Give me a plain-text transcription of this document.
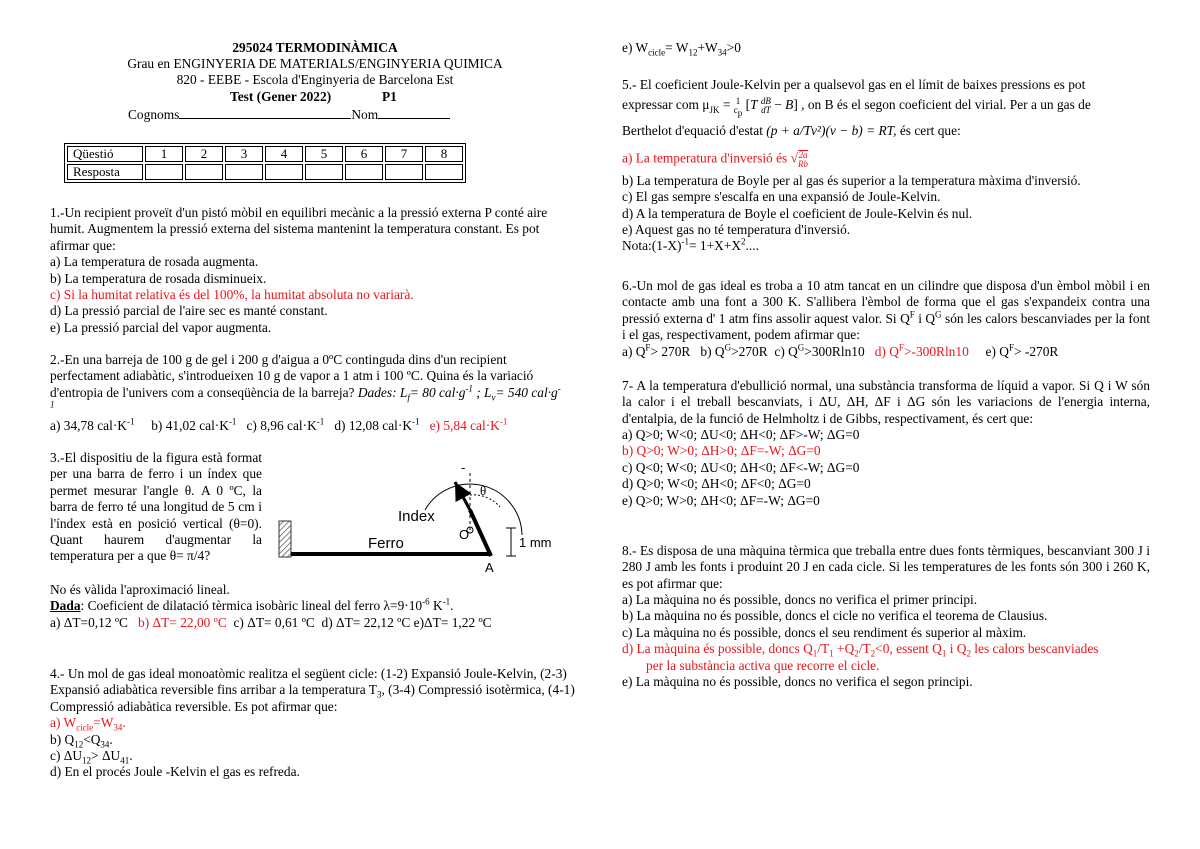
295024 TERMODINÀMICA
Grau en ENGINYERIA DE MATERIALS/ENGINYERIA QUIMICA
820 - EEBE - Escola d'Enginyeria de Barcelona Est
Test (Gener 2022)	P1
Cognoms	Nom
Qüestió	1	2	3	4	5	6	7	8
Resposta								

1.-Un recipient proveït d'un pistó mòbil en equilibri mecànic a la pressió externa P conté aire humit. Augmentem la pressió externa del sistema mantenint la temperatura constant. Es pot afirmar que:

a) La temperatura de rosada augmenta.

b) La temperatura de rosada disminueix.

c) Si la humitat relativa és del 100%, la humitat absoluta no variarà.

d) La pressió parcial de l'aire sec es manté constant.

e) La pressió parcial del vapor augmenta.

2.-En una barreja de 100 g de gel i 200 g d'aigua a 0ºC continguda dins d'un recipient perfectament adiabàtic, s'introdueixen 10 g de vapor a 1 atm i 100 ºC. Quina és la variació d'entropia de l'univers com a conseqüència de la barreja? Dades: $L_f= 80$ $cal\cdot g^{-1}$ ; $L_v= 540$ $cal\cdot g^{-1}$

a) 34,78 $cal\cdot K^{-1}$ b) 41,02 $cal\cdot K^{-1}$ c) 8,96 $cal\cdot K^{-1}$ d) 12,08 $cal\cdot K^{-1}$ e) 5,84 $cal\cdot K^{-1}$

3.-El dispositiu de la figura està format per una barra de ferro i un índex que permet mesurar l'angle θ. A 0 ºC, la barra de ferro té una longitud de 5 cm i l'índex està en posició vertical (θ=0). Quant haurem d'augmentar la temperatura per a que θ= π/4?

No és vàlida l'aproximació lineal.

Dada: Coeficient de dilatació tèrmica isobàric lineal del ferro $\lambda=9\cdot 10^{-6}$ $K^{-1}$.

a) ΔT=0,12 ºC b) ΔT= 22,00 ºC c) ΔT= 0,61 ºC d) ΔT= 22,12 ºC e)ΔT= 1,22 ºC

Index
Ferro
O
A
θ
1 mm
-

4.- Un mol de gas ideal monoatòmic realitza el següent cicle: (1-2) Expansió Joule-Kelvin, (2-3) Expansió adiabàtica reversible fins arribar a la temperatura $T_3$, (3-4) Compressió isotèrmica, (4-1) Compressió adiabàtica reversible. Es pot afirmar que:

a) $W_{cicle}=W_{34}$.

b) $Q_{12}<Q_{34}$.

c) $\Delta U_{12}> \Delta U_{41}$.

d) En el procés Joule -Kelvin el gas es refreda.

e) $W_{cicle}= W_{12}+W_{34}>0$

5.- El coeficient Joule-Kelvin per a qualsevol gas en el límit de baixes pressions es pot

expressar com $\mu_{JK} = 1$
$c_p$ [T dB
dT − B] , on B és el segon coeficient del virial. Per a un gas de

Berthelot d'equació d'estat (p + a/Tv²)(v − b) = RT, és cert que:

a) La temperatura d'inversió és √2a
Rb

b) La temperatura de Boyle per al gas és superior a la temperatura màxima d'inversió.

c) El gas sempre s'escalfa en una expansió de Joule-Kelvin.

d) A la temperatura de Boyle el coeficient de Joule-Kelvin és nul.

e) Aquest gas no té temperatura d'inversió.

$Nota:(1-X)^{-1}= 1+X+X^2$....

6.-Un mol de gas ideal es troba a 10 atm tancat en un cilindre que disposa d'un èmbol mòbil i en contacte amb una font a 300 K. S'allibera l'èmbol de forma que el gas s'expandeix contra una pressió externa d' 1 atm fins assolir aquest valor. Si $Q^F$ i $Q^G$ són les calors bescanviades per la font i el gas, respectivament, podem afirmar que:

a) $Q^F> 270R$ b) $Q^G>270R$ c) $Q^G>300Rln10$ d) $Q^F>-300Rln10$ e) $Q^F> -270R$

7- A la temperatura d'ebullició normal, una substància transforma de líquid a vapor. Si Q i W són la calor i el treball bescanviats, i ΔU, ΔH, ΔF i ΔG són les variacions de l'energia interna, d'entalpia, de la funció de Helmholtz i de Gibbs, respectivament, és cert que:

a) Q>0; W<0; ΔU<0; ΔH<0; ΔF>-W; ΔG=0

b) Q>0; W>0; ΔH>0; ΔF=-W; ΔG=0

c) Q<0; W<0; ΔU<0; ΔH<0; ΔF<-W; ΔG=0

d) Q>0; W<0; ΔH<0; ΔF<0; ΔG=0

e) Q>0; W>0; ΔH<0; ΔF=-W; ΔG=0

8.- Es disposa de una màquina tèrmica que treballa entre dues fonts tèrmiques, bescanviant 300 J i 280 J amb les fonts i produint 20 J en cada cicle. Si les temperatures de les fonts són 300 i 260 K, es pot afirmar que:

a) La màquina no és possible, doncs no verifica el primer principi.

b) La màquina no és possible, doncs el cicle no verifica el teorema de Clausius.

c) La màquina no és possible, doncs el seu rendiment és superior al màxim.

d) La màquina és possible, doncs $Q_1/T_1 +Q_2/T_2<0$, essent $Q_1$ i $Q_2$ les calors bescanviades
per la substància activa que recorre el cicle.

e) La màquina no és possible, doncs no verifica el segon principi.
